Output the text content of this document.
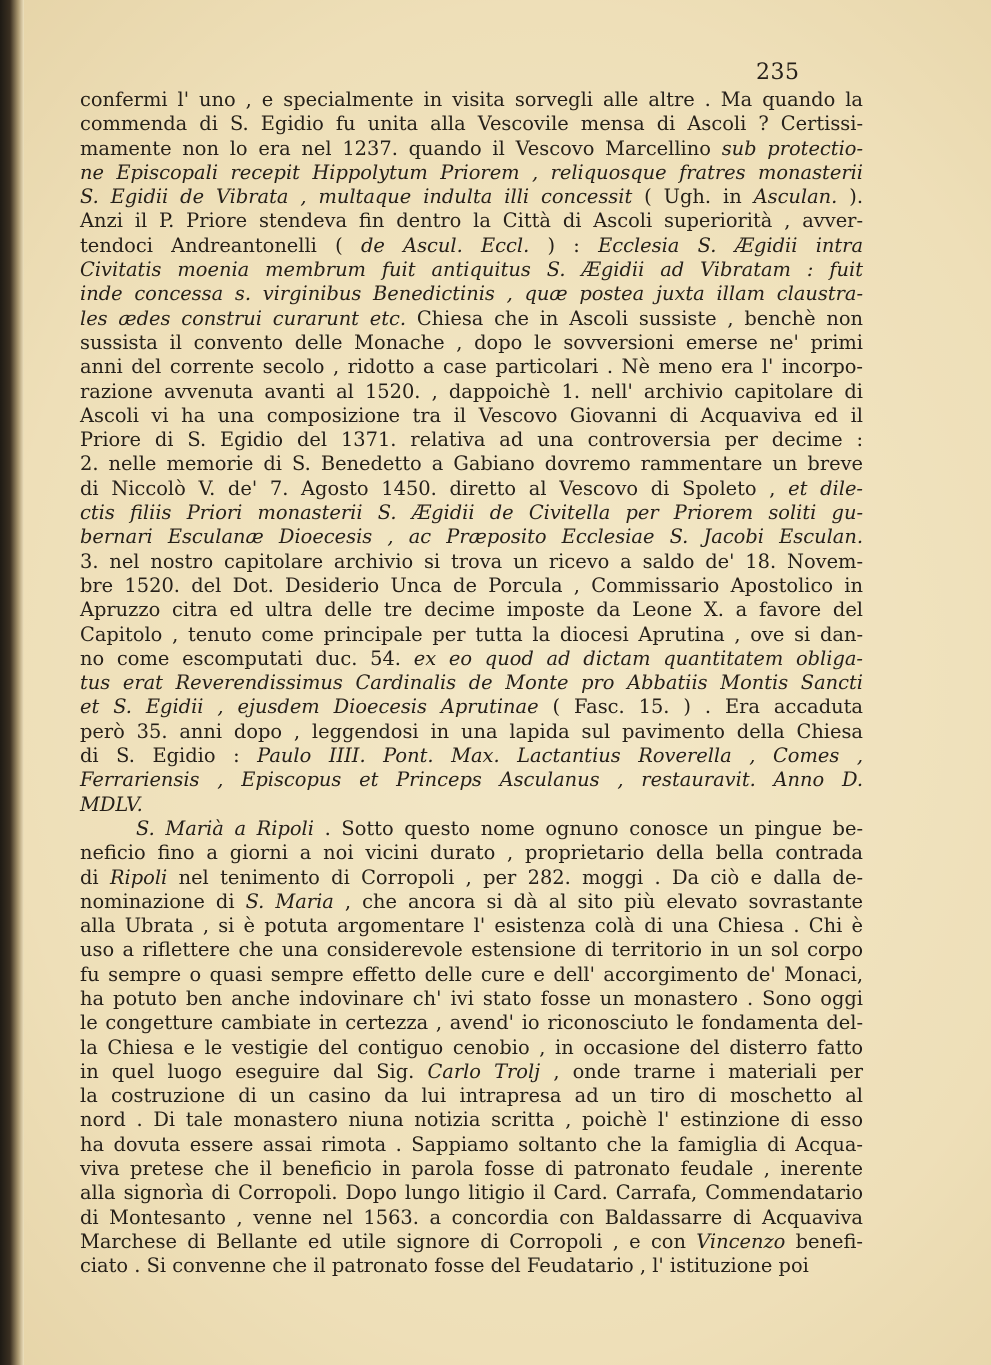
235
confermi l' uno , e specialmente in visita sorvegli alle altre . Ma quando la
commenda di S. Egidio fu unita alla Vescovile mensa di Ascoli ? Certissi-
mamente non lo era nel 1237. quando il Vescovo Marcellino sub protectio-
ne Episcopali recepit Hippolytum Priorem , reliquosque fratres monasterii
S. Egidii de Vibrata , multaque indulta illi concessit ( Ugh. in Asculan. ).
Anzi il P. Priore stendeva fin dentro la Città di Ascoli superiorità , avver-
tendoci Andreantonelli ( de Ascul. Eccl. ) : Ecclesia S. Ægidii intra
Civitatis moenia membrum fuit antiquitus S. Ægidii ad Vibratam : fuit
inde concessa s. virginibus Benedictinis , quæ postea juxta illam claustra-
les ædes construi curarunt etc. Chiesa che in Ascoli sussiste , benchè non
sussista il convento delle Monache , dopo le sovversioni emerse ne' primi
anni del corrente secolo , ridotto a case particolari . Nè meno era l' incorpo-
razione avvenuta avanti al 1520. , dappoichè 1. nell' archivio capitolare di
Ascoli vi ha una composizione tra il Vescovo Giovanni di Acquaviva ed il
Priore di S. Egidio del 1371. relativa ad una controversia per decime :
2. nelle memorie di S. Benedetto a Gabiano dovremo rammentare un breve
di Niccolò V. de' 7. Agosto 1450. diretto al Vescovo di Spoleto , et dile-
ctis filiis Priori monasterii S. Ægidii de Civitella per Priorem soliti gu-
bernari Esculanæ Dioecesis , ac Præposito Ecclesiae S. Jacobi Esculan.
3. nel nostro capitolare archivio si trova un ricevo a saldo de' 18. Novem-
bre 1520. del Dot. Desiderio Unca de Porcula , Commissario Apostolico in
Apruzzo citra ed ultra delle tre decime imposte da Leone X. a favore del
Capitolo , tenuto come principale per tutta la diocesi Aprutina , ove si dan-
no come escomputati duc. 54. ex eo quod ad dictam quantitatem obliga-
tus erat Reverendissimus Cardinalis de Monte pro Abbatiis Montis Sancti
et S. Egidii , ejusdem Dioecesis Aprutinae ( Fasc. 15. ) . Era accaduta
però 35. anni dopo , leggendosi in una lapida sul pavimento della Chiesa
di S. Egidio : Paulo IIII. Pont. Max. Lactantius Roverella , Comes ,
Ferrariensis , Episcopus et Princeps Asculanus , restauravit. Anno D.
MDLV.
S. Marià a Ripoli . Sotto questo nome ognuno conosce un pingue be-
neficio fino a giorni a noi vicini durato , proprietario della bella contrada
di Ripoli nel tenimento di Corropoli , per 282. moggi . Da ciò e dalla de-
nominazione di S. Maria , che ancora si dà al sito più elevato sovrastante
alla Ubrata , si è potuta argomentare l' esistenza colà di una Chiesa . Chi è
uso a riflettere che una considerevole estensione di territorio in un sol corpo
fu sempre o quasi sempre effetto delle cure e dell' accorgimento de' Monaci,
ha potuto ben anche indovinare ch' ivi stato fosse un monastero . Sono oggi
le congetture cambiate in certezza , avend' io riconosciuto le fondamenta del-
la Chiesa e le vestigie del contiguo cenobio , in occasione del disterro fatto
in quel luogo eseguire dal Sig. Carlo Trolj , onde trarne i materiali per
la costruzione di un casino da lui intrapresa ad un tiro di moschetto al
nord . Di tale monastero niuna notizia scritta , poichè l' estinzione di esso
ha dovuta essere assai rimota . Sappiamo soltanto che la famiglia di Acqua-
viva pretese che il beneficio in parola fosse di patronato feudale , inerente
alla signorìa di Corropoli. Dopo lungo litigio il Card. Carrafa, Commendatario
di Montesanto , venne nel 1563. a concordia con Baldassarre di Acquaviva
Marchese di Bellante ed utile signore di Corropoli , e con Vincenzo benefi-
ciato . Si convenne che il patronato fosse del Feudatario , l' istituzione poi
